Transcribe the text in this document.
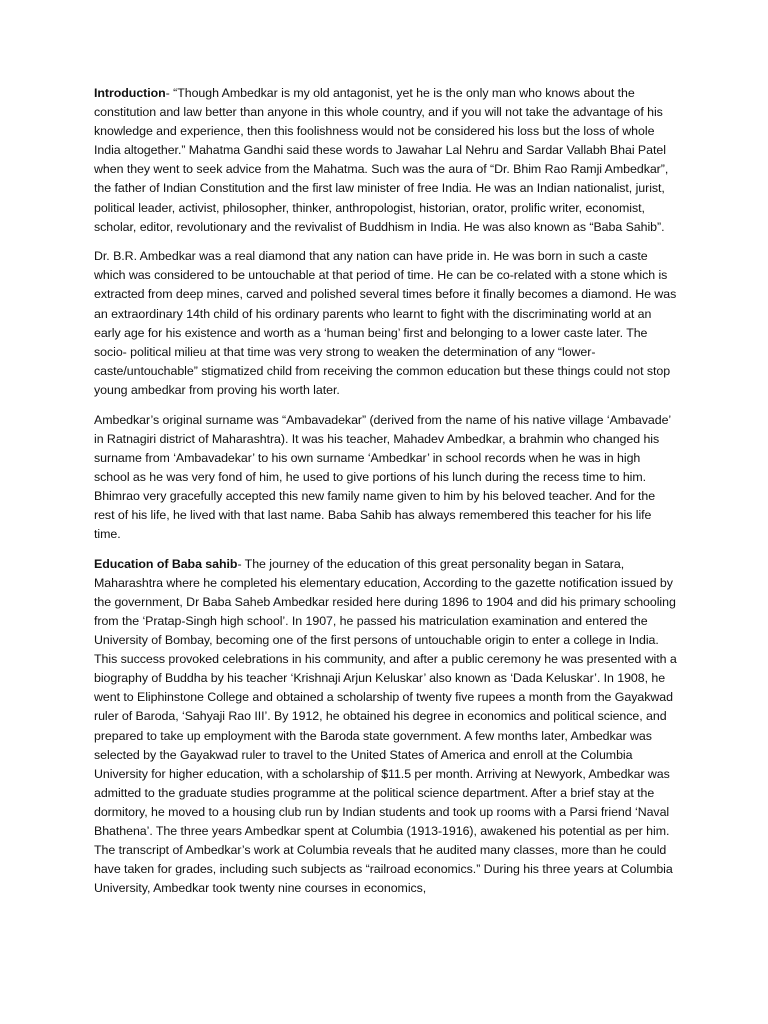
Introduction- “Though Ambedkar is my old antagonist, yet he is the only man who knows about the constitution and law better than anyone in this whole country, and if you will not take the advantage of his knowledge and experience, then this foolishness would not be considered his loss but the loss of whole India altogether.” Mahatma Gandhi said these words to Jawahar Lal Nehru and Sardar Vallabh Bhai Patel when they went to seek advice from the Mahatma. Such was the aura of “Dr. Bhim Rao Ramji Ambedkar”, the father of Indian Constitution and the first law minister of free India. He was an Indian nationalist, jurist, political leader, activist, philosopher, thinker, anthropologist, historian, orator, prolific writer, economist, scholar, editor, revolutionary and the revivalist of Buddhism in India. He was also known as “Baba Sahib”.

Dr. B.R. Ambedkar was a real diamond that any nation can have pride in. He was born in such a caste which was considered to be untouchable at that period of time. He can be co-related with a stone which is extracted from deep mines, carved and polished several times before it finally becomes a diamond. He was an extraordinary 14th child of his ordinary parents who learnt to fight with the discriminating world at an early age for his existence and worth as a ‘human being’ first and belonging to a lower caste later. The socio- political milieu at that time was very strong to weaken the determination of any “lower-caste/untouchable” stigmatized child from receiving the common education but these things could not stop young ambedkar from proving his worth later.

Ambedkar’s original surname was “Ambavadekar” (derived from the name of his native village ‘Ambavade’ in Ratnagiri district of Maharashtra). It was his teacher, Mahadev Ambedkar, a brahmin who changed his surname from ‘Ambavadekar’ to his own surname ‘Ambedkar’ in school records when he was in high school as he was very fond of him, he used to give portions of his lunch during the recess time to him. Bhimrao very gracefully accepted this new family name given to him by his beloved teacher. And for the rest of his life, he lived with that last name. Baba Sahib has always remembered this teacher for his life time.

Education of Baba sahib- The journey of the education of this great personality began in Satara, Maharashtra where he completed his elementary education, According to the gazette notification issued by the government, Dr Baba Saheb Ambedkar resided here during 1896 to 1904 and did his primary schooling from the ‘Pratap-Singh high school’. In 1907, he passed his matriculation examination and entered the University of Bombay, becoming one of the first persons of untouchable origin to enter a college in India. This success provoked celebrations in his community, and after a public ceremony he was presented with a biography of Buddha by his teacher ‘Krishnaji Arjun Keluskar’ also known as ‘Dada Keluskar’. In 1908, he went to Eliphinstone College and obtained a scholarship of twenty five rupees a month from the Gayakwad ruler of Baroda, ‘Sahyaji Rao III’. By 1912, he obtained his degree in economics and political science, and prepared to take up employment with the Baroda state government. A few months later, Ambedkar was selected by the Gayakwad ruler to travel to the United States of America and enroll at the Columbia University for higher education, with a scholarship of $11.5 per month. Arriving at Newyork, Ambedkar was admitted to the graduate studies programme at the political science department. After a brief stay at the dormitory, he moved to a housing club run by Indian students and took up rooms with a Parsi friend ‘Naval Bhathena’. The three years Ambedkar spent at Columbia (1913-1916), awakened his potential as per him. The transcript of Ambedkar’s work at Columbia reveals that he audited many classes, more than he could have taken for grades, including such subjects as “railroad economics.” During his three years at Columbia University, Ambedkar took twenty nine courses in economics,
